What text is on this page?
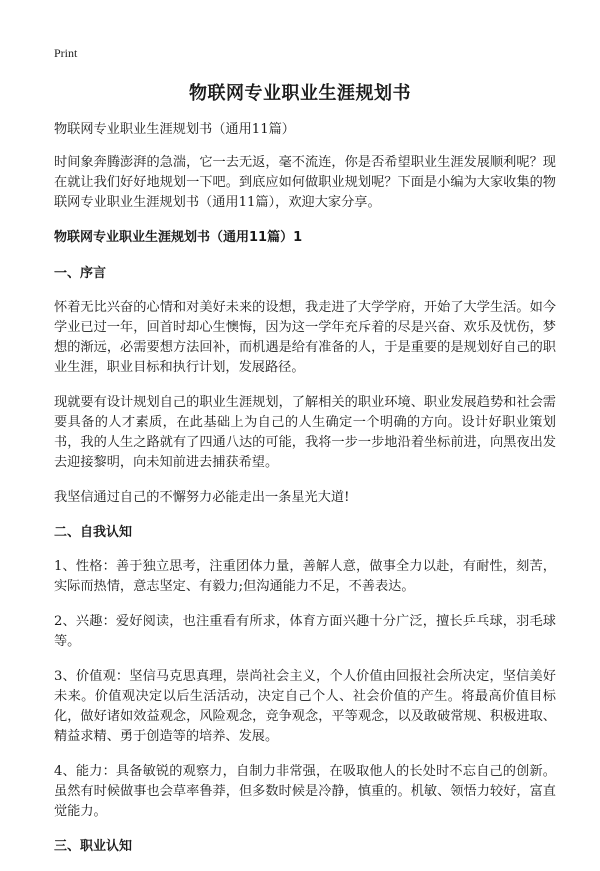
Print
物联网专业职业生涯规划书

物联网专业职业生涯规划书（通用11篇）

时间象奔腾澎湃的急湍，它一去无返，毫不流连，你是否希望职业生涯发展顺利呢？现在就让我们好好地规划一下吧。到底应如何做职业规划呢？下面是小编为大家收集的物联网专业职业生涯规划书（通用11篇），欢迎大家分享。

物联网专业职业生涯规划书（通用11篇）1
一、序言

怀着无比兴奋的心情和对美好未来的设想，我走进了大学学府，开始了大学生活。如今学业已过一年，回首时却心生懊悔，因为这一学年充斥着的尽是兴奋、欢乐及忧伤，梦想的渐远，必需要想方法回补，而机遇是给有准备的人，于是重要的是规划好自己的职业生涯，职业目标和执行计划，发展路径。

现就要有设计规划自己的职业生涯规划，了解相关的职业环境、职业发展趋势和社会需要具备的人才素质，在此基础上为自己的人生确定一个明确的方向。设计好职业策划书，我的人生之路就有了四通八达的可能，我将一步一步地沿着坐标前进，向黑夜出发去迎接黎明，向未知前进去捕获希望。

我坚信通过自己的不懈努力必能走出一条星光大道!

二、自我认知

1、性格：善于独立思考，注重团体力量，善解人意，做事全力以赴，有耐性，刻苦，实际而热情，意志坚定、有毅力;但沟通能力不足，不善表达。

2、兴趣：爱好阅读，也注重看有所求，体育方面兴趣十分广泛，擅长乒乓球，羽毛球等。

3、价值观：坚信马克思真理，崇尚社会主义，个人价值由回报社会所决定，坚信美好未来。价值观决定以后生活活动，决定自己个人、社会价值的产生。将最高价值目标化，做好诸如效益观念，风险观念，竞争观念，平等观念，以及敢破常规、积极进取、精益求精、勇于创造等的培养、发展。

4、能力：具备敏锐的观察力，自制力非常强，在吸取他人的长处时不忘自己的创新。虽然有时候做事也会草率鲁莽，但多数时候是冷静，慎重的。机敏、领悟力较好，富直觉能力。

三、职业认知
